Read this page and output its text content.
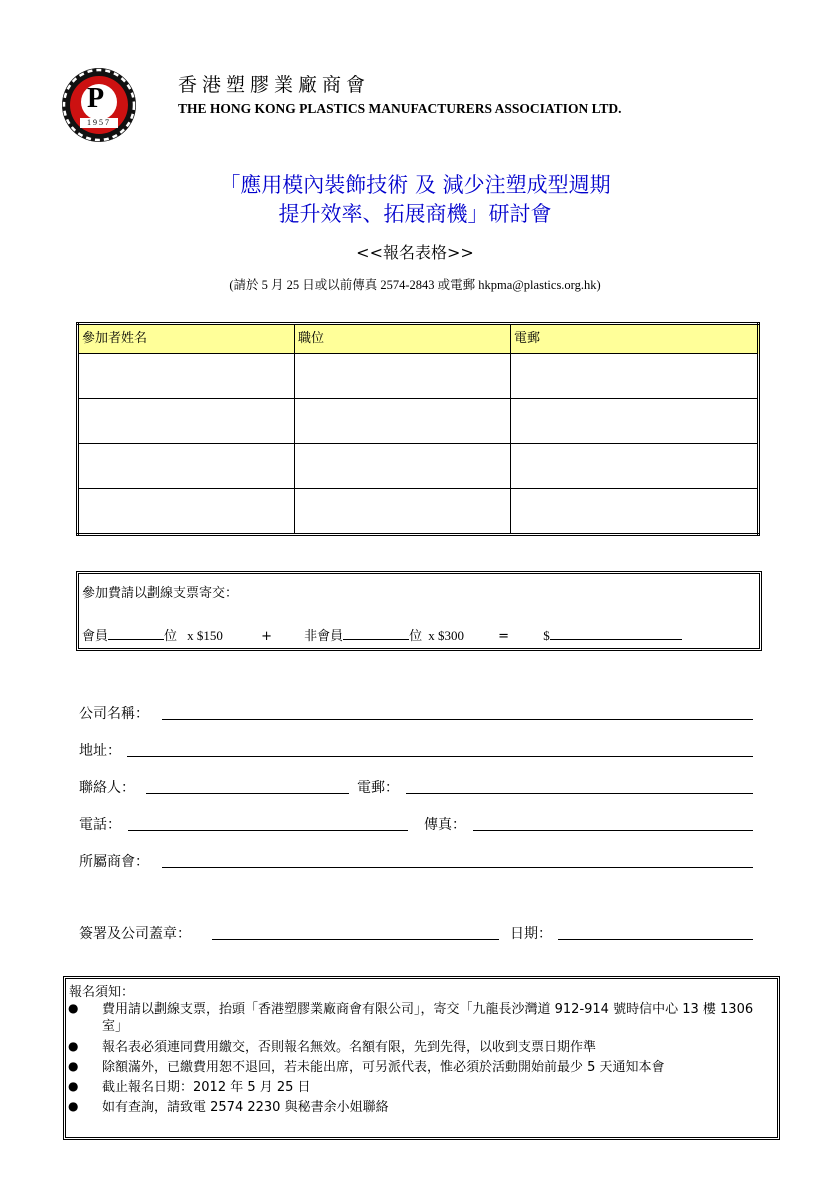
P
1957
香港塑膠業廠商會
THE HONG KONG PLASTICS MANUFACTURERS ASSOCIATION LTD.
「應用模內裝飾技術 及 減少注塑成型週期
提升效率、拓展商機」研討會
<<報名表格>>
(請於 5 月 25 日或以前傳真 2574-2843 或電郵 hkpma@plastics.org.hk)
參加者姓名	職位	電郵

參加費請以劃線支票寄交：
會員	位 x $150	+ 非會員	位 x $300	=	$
公司名稱：
地址：
聯絡人：	電郵：
電話：	傳真：
所屬商會：
簽署及公司蓋章：	日期：
報名須知：
● 費用請以劃線支票，抬頭「香港塑膠業廠商會有限公司」，寄交「九龍長沙灣道 912-914 號時信中心 13 樓 1306 室」
● 報名表必須連同費用繳交，否則報名無效。名額有限，先到先得，以收到支票日期作準
● 除額滿外，已繳費用恕不退回，若未能出席，可另派代表，惟必須於活動開始前最少 5 天通知本會
● 截止報名日期：2012 年 5 月 25 日
● 如有查詢，請致電 2574 2230 與秘書余小姐聯絡
